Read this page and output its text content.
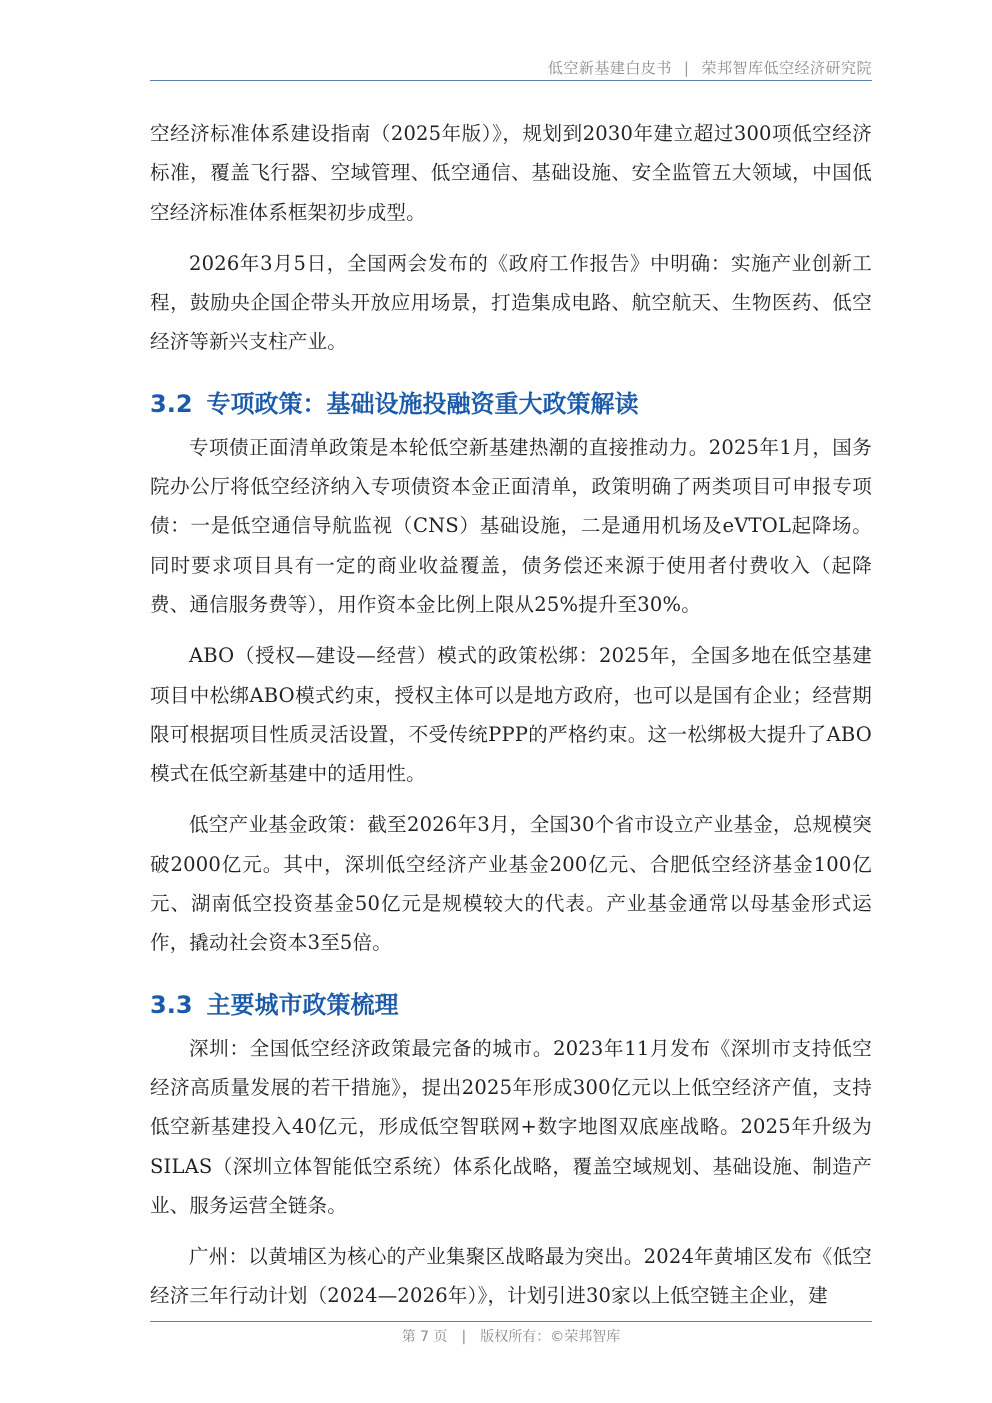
低空新基建白皮书 | 荣邦智库低空经济研究院

空经济标准体系建设指南（2025年版）》，规划到2030年建立超过300项低空经济标准，覆盖飞行器、空域管理、低空通信、基础设施、安全监管五大领域，中国低空经济标准体系框架初步成型。

2026年3月5日，全国两会发布的《政府工作报告》中明确：实施产业创新工程，鼓励央企国企带头开放应用场景，打造集成电路、航空航天、生物医药、低空经济等新兴支柱产业。

3.2 专项政策：基础设施投融资重大政策解读

专项债正面清单政策是本轮低空新基建热潮的直接推动力。2025年1月，国务院办公厅将低空经济纳入专项债资本金正面清单，政策明确了两类项目可申报专项债：一是低空通信导航监视（CNS）基础设施，二是通用机场及eVTOL起降场。同时要求项目具有一定的商业收益覆盖，债务偿还来源于使用者付费收入（起降费、通信服务费等），用作资本金比例上限从25%提升至30%。

ABO（授权—建设—经营）模式的政策松绑：2025年，全国多地在低空基建项目中松绑ABO模式约束，授权主体可以是地方政府，也可以是国有企业；经营期限可根据项目性质灵活设置，不受传统PPP的严格约束。这一松绑极大提升了ABO模式在低空新基建中的适用性。

低空产业基金政策：截至2026年3月，全国30个省市设立产业基金，总规模突破2000亿元。其中，深圳低空经济产业基金200亿元、合肥低空经济基金100亿元、湖南低空投资基金50亿元是规模较大的代表。产业基金通常以母基金形式运作，撬动社会资本3至5倍。

3.3 主要城市政策梳理

深圳：全国低空经济政策最完备的城市。2023年11月发布《深圳市支持低空经济高质量发展的若干措施》，提出2025年形成300亿元以上低空经济产值，支持低空新基建投入40亿元，形成低空智联网+数字地图双底座战略。2025年升级为SILAS（深圳立体智能低空系统）体系化战略，覆盖空域规划、基础设施、制造产业、服务运营全链条。

广州：以黄埔区为核心的产业集聚区战略最为突出。2024年黄埔区发布《低空经济三年行动计划（2024—2026年）》，计划引进30家以上低空链主企业，建

第 7 页 | 版权所有：©荣邦智库
